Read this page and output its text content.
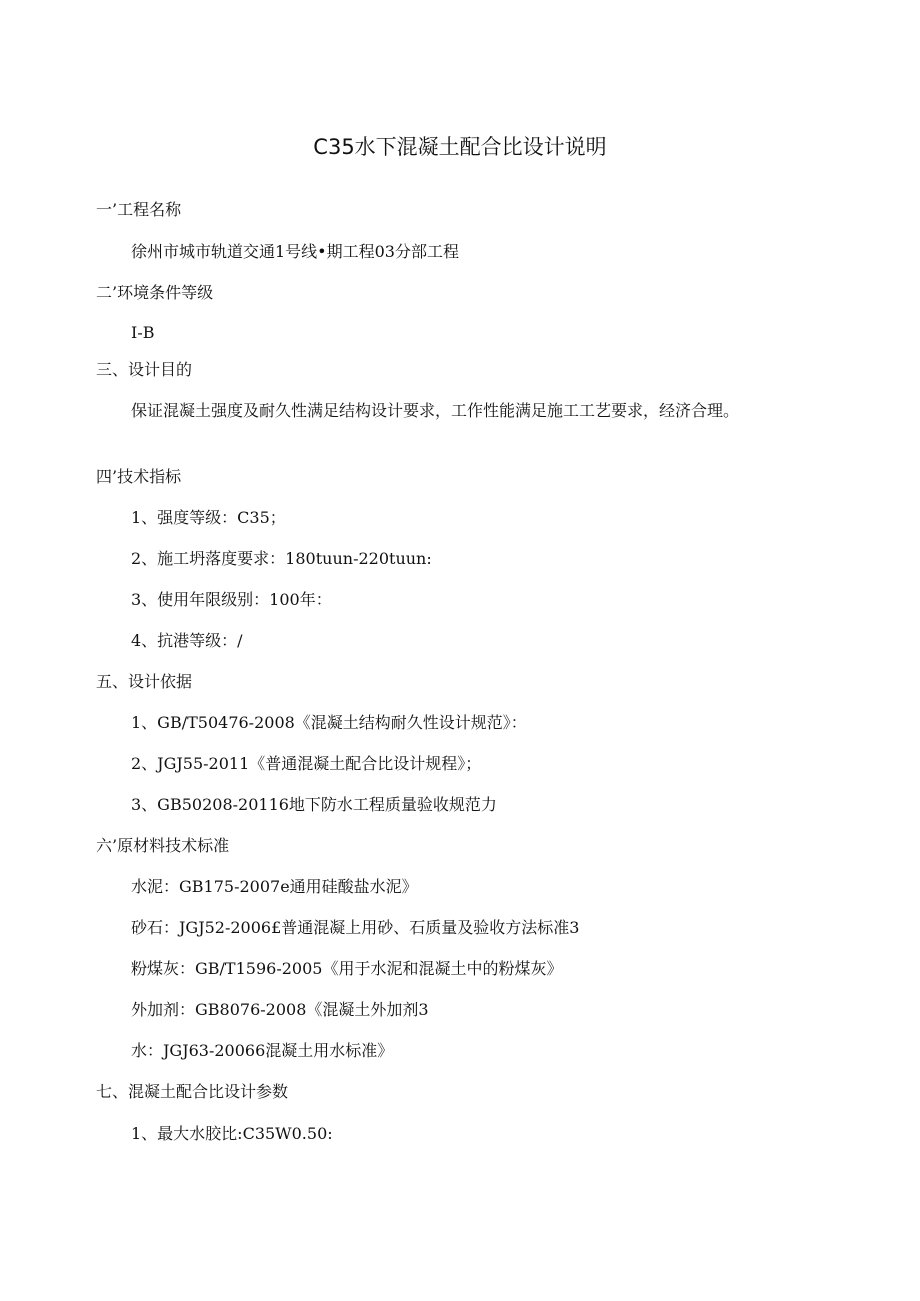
C35水下混凝土配合比设计说明

一’工程名称

徐州市城市轨道交通1号线•期工程03分部工程

二’环境条件等级

I-B

三、设计目的

保证混凝土强度及耐久性满足结构设计要求，工作性能满足施工工艺要求，经济合理。

四’技术指标

1、强度等级：C35；

2、施工坍落度要求：180tuun-220tuun:

3、使用年限级别：100年：

4、抗港等级：/

五、设计依据

1、GB/T50476-2008《混凝土结构耐久性设计规范》：

2、JGJ55-2011《普通混凝土配合比设计规程》；

3、GB50208-20116地下防水工程质量验收规范力

六’原材料技术标准

水泥：GB175-2007e通用硅酸盐水泥》

砂石：JGJ52-2006£普通混凝上用砂、石质量及验收方法标准3

粉煤灰：GB/T1596-2005《用于水泥和混凝土中的粉煤灰》

外加剂：GB8076-2008《混凝土外加剂3

水：JGJ63-20066混凝土用水标准》

七、混凝土配合比设计参数

1、最大水胶比:C35W0.50:
